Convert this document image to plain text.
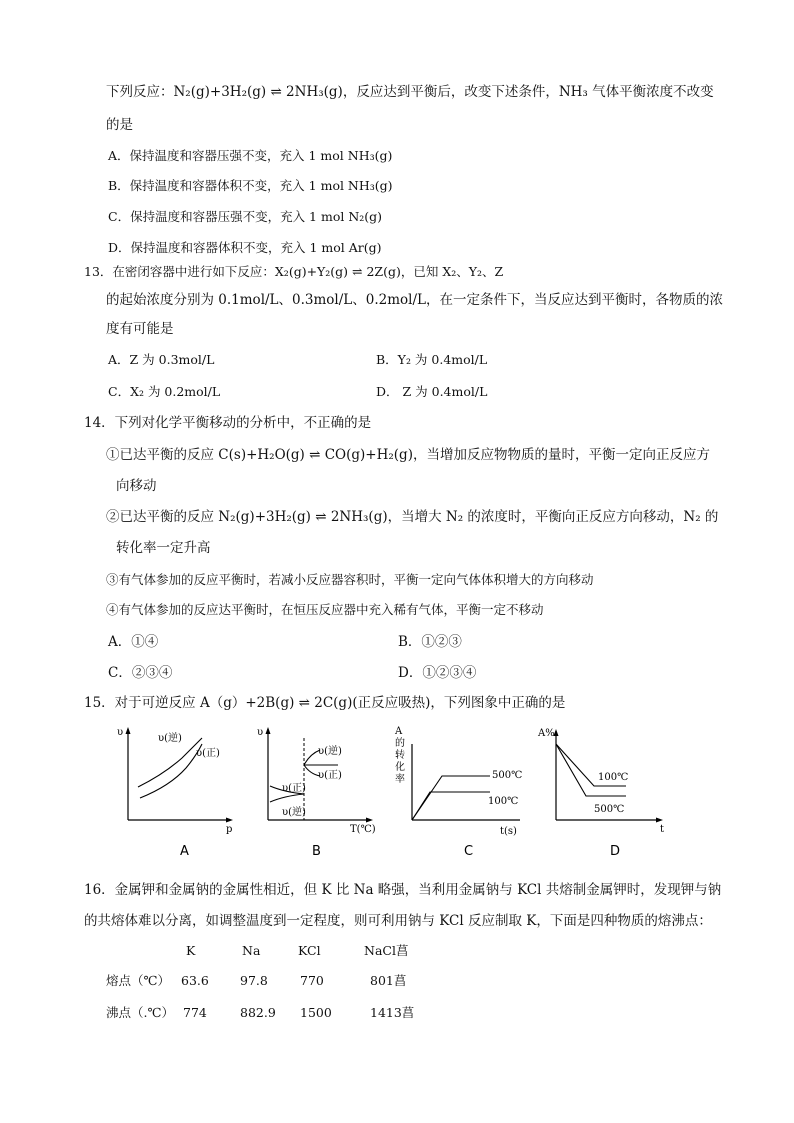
下列反应：N₂(g)+3H₂(g) ⇌ 2NH₃(g)，反应达到平衡后，改变下述条件，NH₃ 气体平衡浓度不改变
的是
A．保持温度和容器压强不变，充入 1 mol NH₃(g)
B．保持温度和容器体积不变，充入 1 mol NH₃(g)
C．保持温度和容器压强不变，充入 1 mol N₂(g)
D．保持温度和容器体积不变，充入 1 mol Ar(g)
13．在密闭容器中进行如下反应：X₂(g)+Y₂(g) ⇌ 2Z(g)，已知 X₂、Y₂、Z
的起始浓度分别为 0.1mol/L、0.3mol/L、0.2mol/L，在一定条件下，当反应达到平衡时，各物质的浓
度有可能是
A．Z 为 0.3mol/L	B．Y₂ 为 0.4mol/L
C．X₂ 为 0.2mol/L	D． Z 为 0.4mol/L
14．下列对化学平衡移动的分析中，不正确的是
①已达平衡的反应 C(s)+H₂O(g) ⇌ CO(g)+H₂(g)，当增加反应物物质的量时，平衡一定向正反应方
向移动
②已达平衡的反应 N₂(g)+3H₂(g) ⇌ 2NH₃(g)，当增大 N₂ 的浓度时，平衡向正反应方向移动，N₂ 的
转化率一定升高
③有气体参加的反应平衡时，若减小反应器容积时，平衡一定向气体体积增大的方向移动
④有气体参加的反应达平衡时，在恒压反应器中充入稀有气体，平衡一定不移动
A．①④	B．①②③
C．②③④	D．①②③④
15．对于可逆反应 A（g）+2B(g) ⇌ 2C(g)(正反应吸热)，下列图象中正确的是
υ
p
υ(逆)
υ(正)
A
υ
T(℃)
υ(逆)
υ(正)
υ(正)
υ(逆)
B
A
的
转
化
率	500℃
100℃
t(s)
C
A%
t
100℃
500℃
D
16．金属钾和金属钠的金属性相近，但 K 比 Na 略强，当利用金属钠与 KCl 共熔制金属钾时，发现钾与钠
的共熔体难以分离，如调整温度到一定程度，则可利用钠与 KCl 反应制取 K，下面是四种物质的熔沸点：
K	Na	KCl	NaCl菖
熔点（℃） 63.6 97.8	770	801菖
沸点（.℃） 774	882.9 1500	1413菖
